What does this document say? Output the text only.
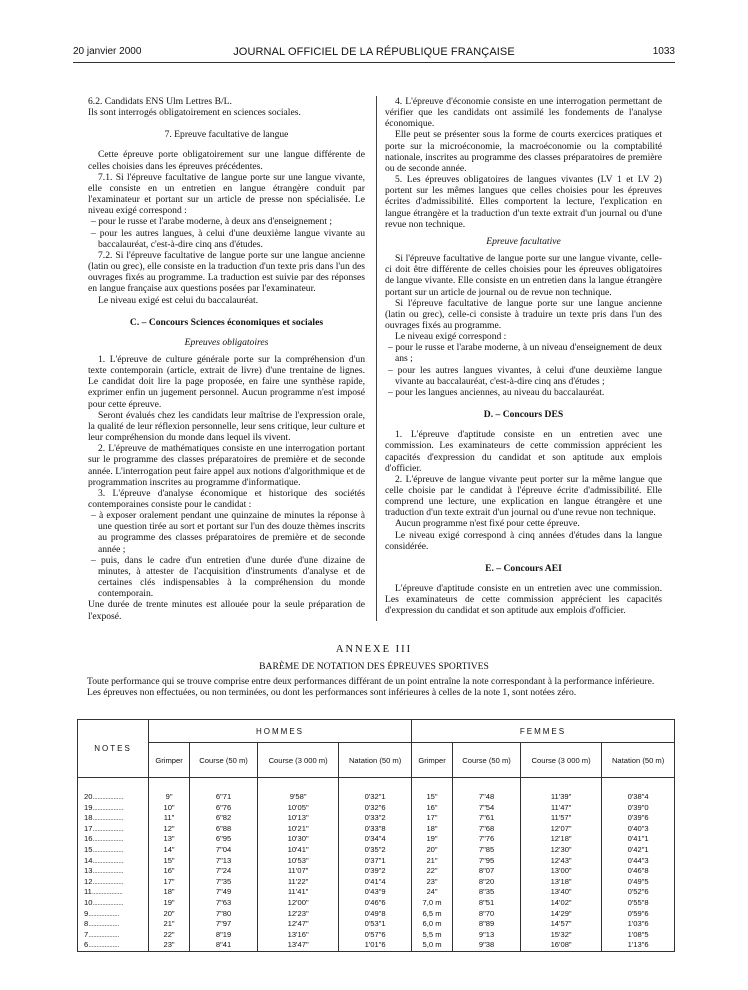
20 janvier 2000	JOURNAL OFFICIEL DE LA RÉPUBLIQUE FRANÇAISE	1033

6.2. Candidats ENS Ulm Lettres B/L.

Ils sont interrogés obligatoirement en sciences sociales.

7. Epreuve facultative de langue

Cette épreuve porte obligatoirement sur une langue différente de celles choisies dans les épreuves précédentes.

7.1. Si l'épreuve facultative de langue porte sur une langue vivante, elle consiste en un entretien en langue étrangère conduit par l'examinateur et portant sur un article de presse non spécialisée. Le niveau exigé correspond :

– pour le russe et l'arabe moderne, à deux ans d'enseignement ;

– pour les autres langues, à celui d'une deuxième langue vivante au baccalauréat, c'est-à-dire cinq ans d'études.

7.2. Si l'épreuve facultative de langue porte sur une langue ancienne (latin ou grec), elle consiste en la traduction d'un texte pris dans l'un des ouvrages fixés au programme. La traduction est suivie par des réponses en langue française aux questions posées par l'examinateur.

Le niveau exigé est celui du baccalauréat.

C. – Concours Sciences économiques et sociales

Epreuves obligatoires

1. L'épreuve de culture générale porte sur la compréhension d'un texte contemporain (article, extrait de livre) d'une trentaine de lignes. Le candidat doit lire la page proposée, en faire une synthèse rapide, exprimer enfin un jugement personnel. Aucun programme n'est imposé pour cette épreuve.

Seront évalués chez les candidats leur maîtrise de l'expression orale, la qualité de leur réflexion personnelle, leur sens critique, leur culture et leur compréhension du monde dans lequel ils vivent.

2. L'épreuve de mathématiques consiste en une interrogation portant sur le programme des classes préparatoires de première et de seconde année. L'interrogation peut faire appel aux notions d'algorithmique et de programmation inscrites au programme d'informatique.

3. L'épreuve d'analyse économique et historique des sociétés contemporaines consiste pour le candidat :

– à exposer oralement pendant une quinzaine de minutes la réponse à une question tirée au sort et portant sur l'un des douze thèmes inscrits au programme des classes préparatoires de première et de seconde année ;

– puis, dans le cadre d'un entretien d'une durée d'une dizaine de minutes, à attester de l'acquisition d'instruments d'analyse et de certaines clés indispensables à la compréhension du monde contemporain.

Une durée de trente minutes est allouée pour la seule préparation de l'exposé.

4. L'épreuve d'économie consiste en une interrogation permettant de vérifier que les candidats ont assimilé les fondements de l'analyse économique.

Elle peut se présenter sous la forme de courts exercices pratiques et porte sur la microéconomie, la macroéconomie ou la comptabilité nationale, inscrites au programme des classes préparatoires de première ou de seconde année.

5. Les épreuves obligatoires de langues vivantes (LV 1 et LV 2) portent sur les mêmes langues que celles choisies pour les épreuves écrites d'admissibilité. Elles comportent la lecture, l'explication en langue étrangère et la traduction d'un texte extrait d'un journal ou d'une revue non technique.

Epreuve facultative

Si l'épreuve facultative de langue porte sur une langue vivante, celle-ci doit être différente de celles choisies pour les épreuves obligatoires de langue vivante. Elle consiste en un entretien dans la langue étrangère portant sur un article de journal ou de revue non technique.

Si l'épreuve facultative de langue porte sur une langue ancienne (latin ou grec), celle-ci consiste à traduire un texte pris dans l'un des ouvrages fixés au programme.

Le niveau exigé correspond :

– pour le russe et l'arabe moderne, à un niveau d'enseignement de deux ans ;

– pour les autres langues vivantes, à celui d'une deuxième langue vivante au baccalauréat, c'est-à-dire cinq ans d'études ;

– pour les langues anciennes, au niveau du baccalauréat.

D. – Concours DES

1. L'épreuve d'aptitude consiste en un entretien avec une commission. Les examinateurs de cette commission apprécient les capacités d'expression du candidat et son aptitude aux emplois d'officier.

2. L'épreuve de langue vivante peut porter sur la même langue que celle choisie par le candidat à l'épreuve écrite d'admissibilité. Elle comprend une lecture, une explication en langue étrangère et une traduction d'un texte extrait d'un journal ou d'une revue non technique.

Aucun programme n'est fixé pour cette épreuve.

Le niveau exigé correspond à cinq années d'études dans la langue considérée.

E. – Concours AEI

L'épreuve d'aptitude consiste en un entretien avec une commission. Les examinateurs de cette commission apprécient les capacités d'expression du candidat et son aptitude aux emplois d'officier.

ANNEXE III
BARÈME DE NOTATION DES ÉPREUVES SPORTIVES

Toute performance qui se trouve comprise entre deux performances différant de un point entraîne la note correspondant à la performance inférieure.

Les épreuves non effectuées, ou non terminées, ou dont les performances sont inférieures à celles de la note 1, sont notées zéro.

NOTES	HOMMES				FEMMES			
	Grimper	Course (50 m)	Course (3 000 m)	Natation (50 m)	Grimper	Course (50 m)	Course (3 000 m)	Natation (50 m)
20...................	9"	6"71	9'58"	0'32"1	15"	7"48	11'39"	0'38"4
19...................	10"	6"76	10'05"	0'32"6	16"	7"54	11'47"	0'39"0
18...................	11"	6"82	10'13"	0'33"2	17"	7"61	11'57"	0'39"6
17...................	12"	6"88	10'21"	0'33"8	18"	7"68	12'07"	0'40"3
16...................	13"	6"95	10'30"	0'34"4	19"	7"76	12'18"	0'41"1
15...................	14"	7"04	10'41"	0'35"2	20"	7"85	12'30"	0'42"1
14...................	15"	7"13	10'53"	0'37"1	21"	7"95	12'43"	0'44"3
13...................	16"	7"24	11'07"	0'39"2	22"	8"07	13'00"	0'46"8
12...................	17"	7"35	11'22"	0'41"4	23"	8"20	13'18"	0'49"5
11...................	18"	7"49	11'41"	0'43"9	24"	8"35	13'40"	0'52"6
10...................	19"	7"63	12'00"	0'46"6	7,0 m	8"51	14'02"	0'55"8
9...................	20"	7"80	12'23"	0'49"8	6,5 m	8"70	14'29"	0'59"6
8...................	21"	7"97	12'47"	0'53"1	6,0 m	8"89	14'57"	1'03"6
7...................	22"	8"19	13'16"	0'57"6	5,5 m	9"13	15'32"	1'08"5
6...................	23"	8"41	13'47"	1'01"6	5,0 m	9"38	16'08"	1'13"6
